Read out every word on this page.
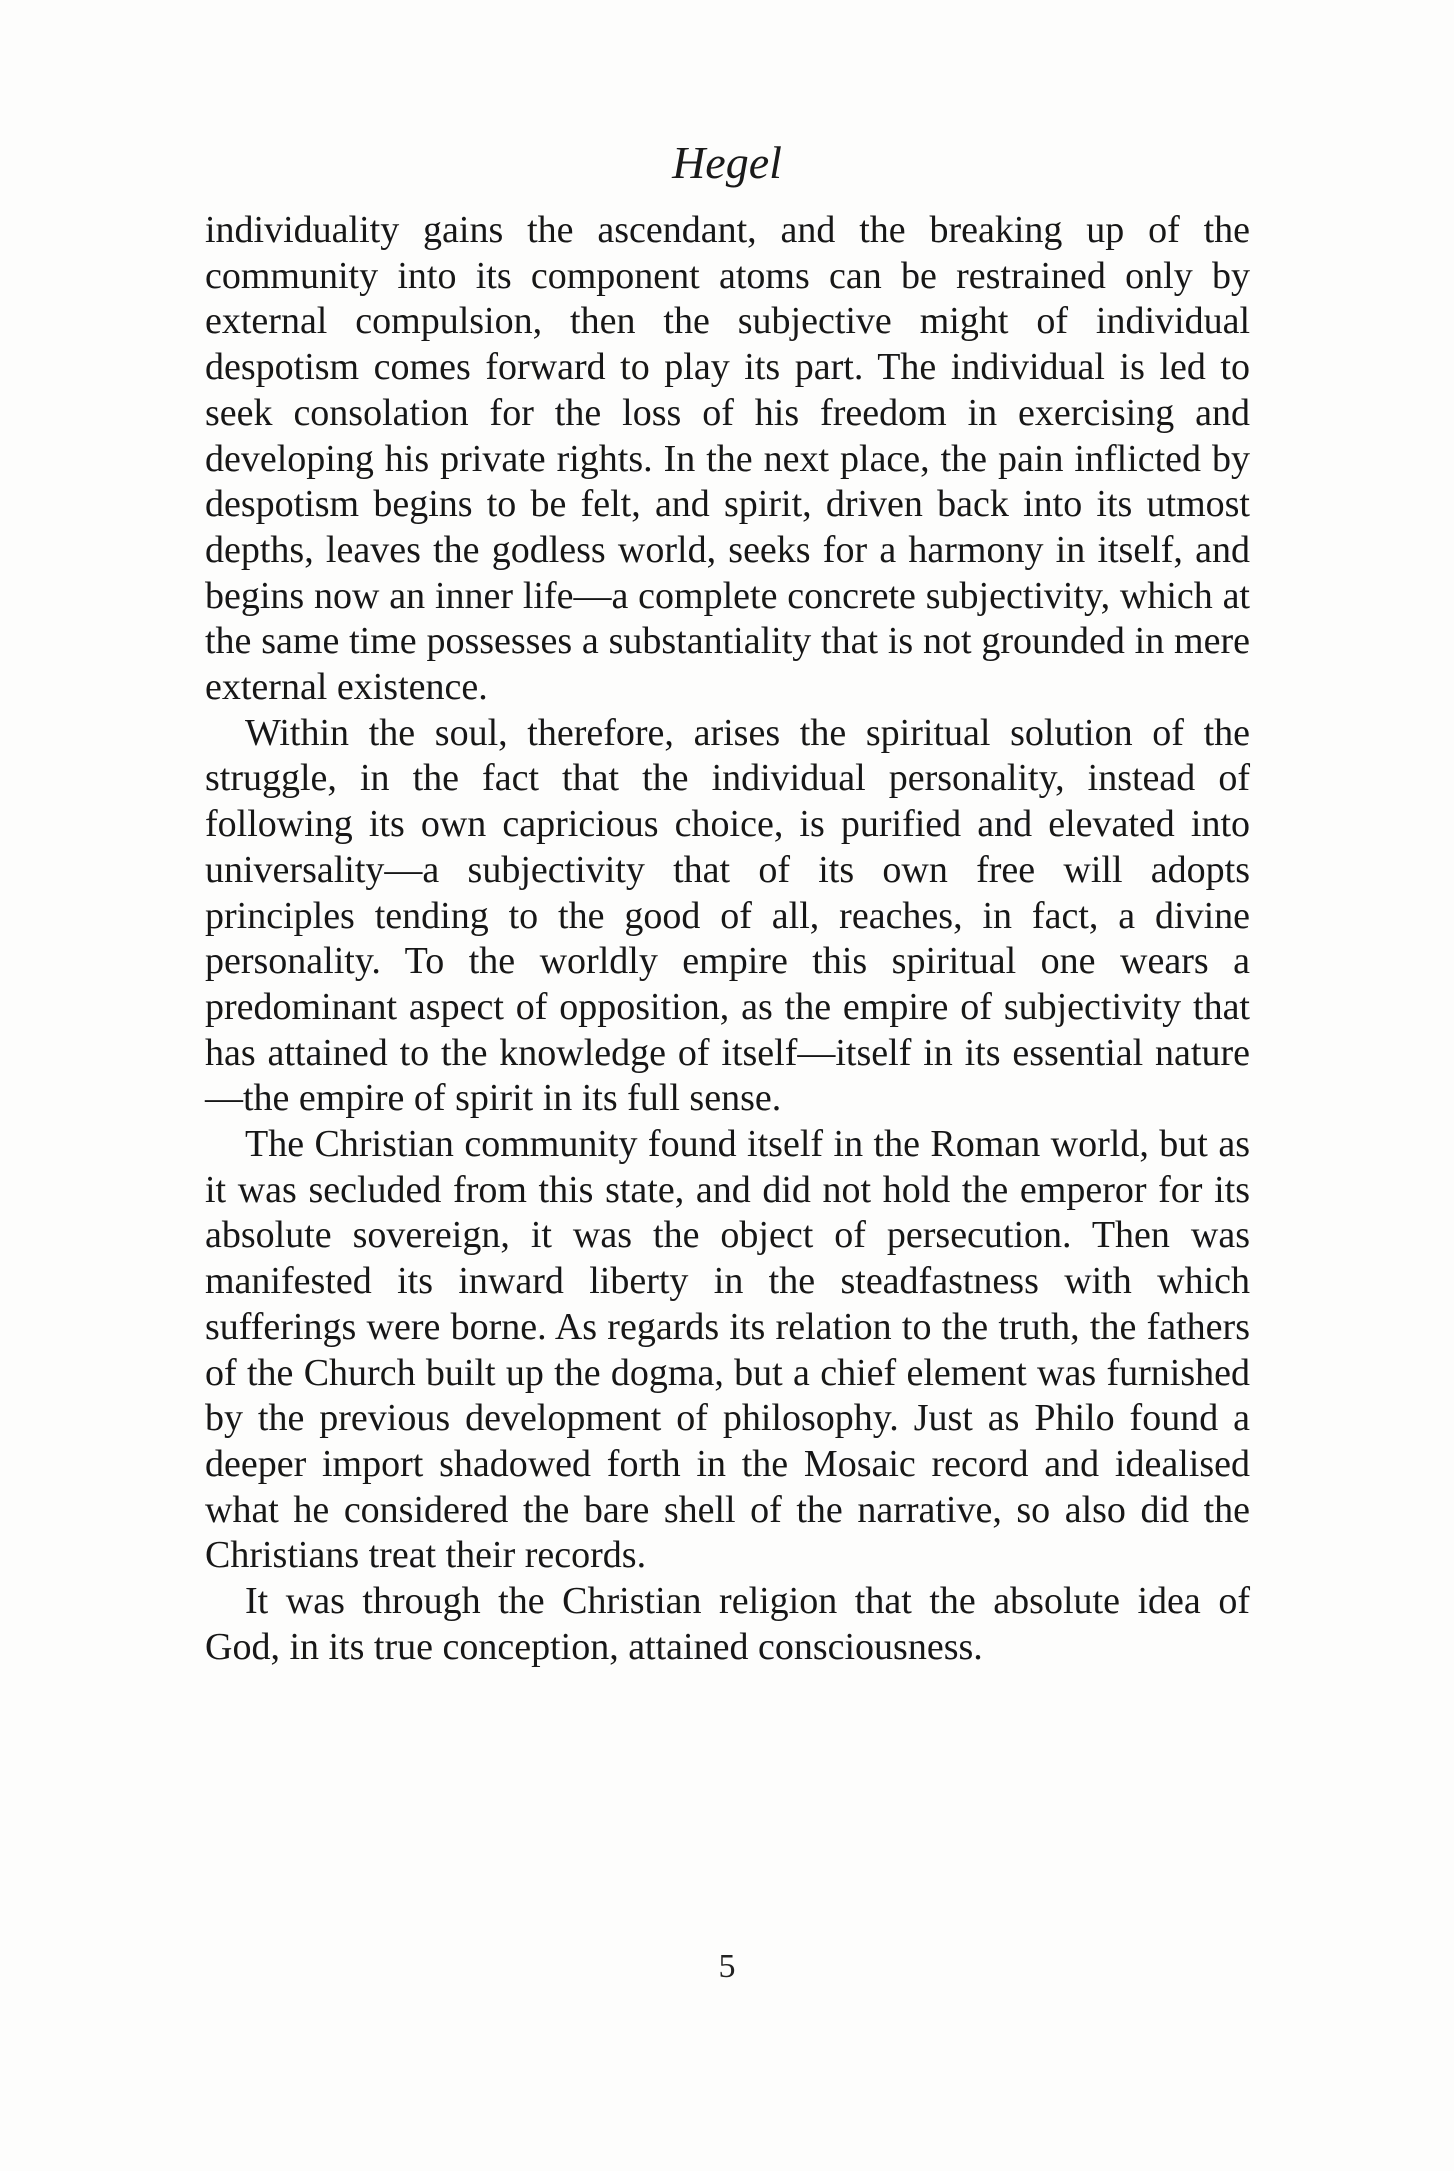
Hegel

individuality gains the ascendant, and the breaking up of the community into its component atoms can be restrained only by external compulsion, then the subjective might of individual despotism comes forward to play its part. The individual is led to seek consolation for the loss of his freedom in exercising and developing his private rights. In the next place, the pain inflicted by despotism begins to be felt, and spirit, driven back into its utmost depths, leaves the godless world, seeks for a harmony in itself, and begins now an inner life—a complete concrete subjectivity, which at the same time possesses a substantiality that is not grounded in mere external existence.

Within the soul, therefore, arises the spiritual solution of the struggle, in the fact that the individual personality, instead of following its own capricious choice, is purified and elevated into universality—a subjectivity that of its own free will adopts principles tending to the good of all, reaches, in fact, a divine personality. To the worldly empire this spiritual one wears a predominant aspect of opposition, as the empire of subjectivity that has attained to the knowledge of itself—itself in its essential nature —the empire of spirit in its full sense.

The Christian community found itself in the Roman world, but as it was secluded from this state, and did not hold the emperor for its absolute sovereign, it was the object of persecution. Then was manifested its inward liberty in the steadfastness with which sufferings were borne. As regards its relation to the truth, the fathers of the Church built up the dogma, but a chief element was furnished by the previous development of philosophy. Just as Philo found a deeper import shadowed forth in the Mosaic record and idealised what he considered the bare shell of the narrative, so also did the Christians treat their records.

It was through the Christian religion that the absolute idea of God, in its true conception, attained consciousness.

5
